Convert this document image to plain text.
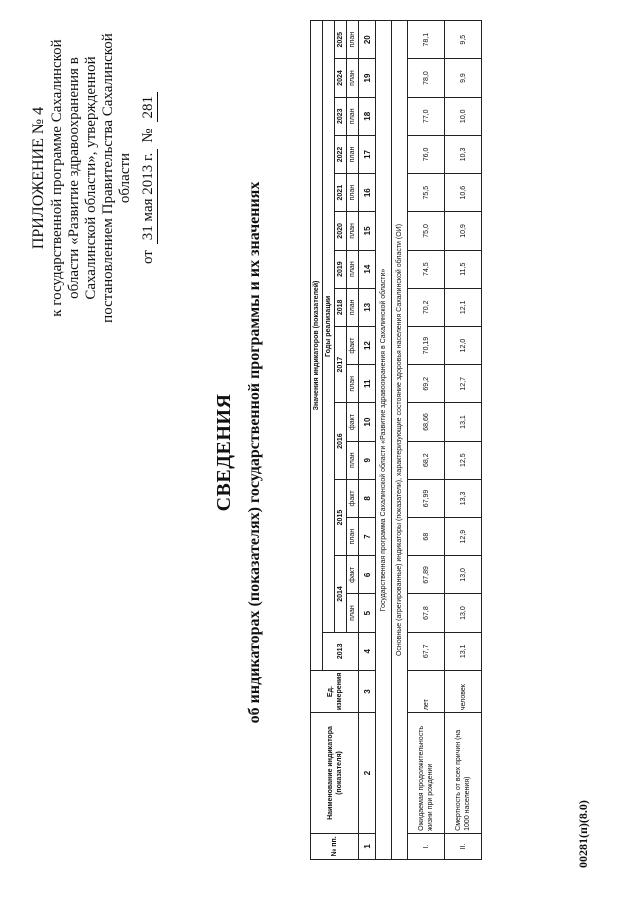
ПРИЛОЖЕНИЕ № 4 к государственной программе Сахалинской области «Развитие здравоохранения в Сахалинской области», утвержденной постановлением Правительства Сахалинской области
от
31 мая 2013 г.
№
281
СВЕДЕНИЯ об индикаторах (показателях) государственной программы и их значениях
№ пп.	Наименование индикатора (показателя)	Ед. измерения	Значения индикаторов (показателей)																
			2013	Годы реализации															
				2014		2015		2016		2017		2018	2019	2020	2021	2022	2023	2024	2025
				план	факт	план	факт	план	факт	план	факт	план	план	план	план	план	план	план	план
1	2	3	4	5	6	7	8	9	10	11	12	13	14	15	16	17	18	19	20
Государственная программа Сахалинской области «Развитие здравоохранения в Сахалинской области»																			
Основные (агрегированные) индикаторы (показатели), характеризующие состояние здоровья населения Сахалинской области (ОИ)																			
I.	Ожидаемая продолжительность жизни при рождении	лет	67,7	67,8	67,89	68	67,99	68,2	68,66	69,2	70,19	70,2	74,5	75,0	75,5	76,0	77,0	78,0	78,1
II.	Смертность от всех причин (на 1000 населения)	человек	13,1	13,0	13,0	12,9	13,3	12,5	13,1	12,7	12,0	12,1	11,5	10,9	10,6	10,3	10,0	9,9	9,5
00281(п)(8.0)
